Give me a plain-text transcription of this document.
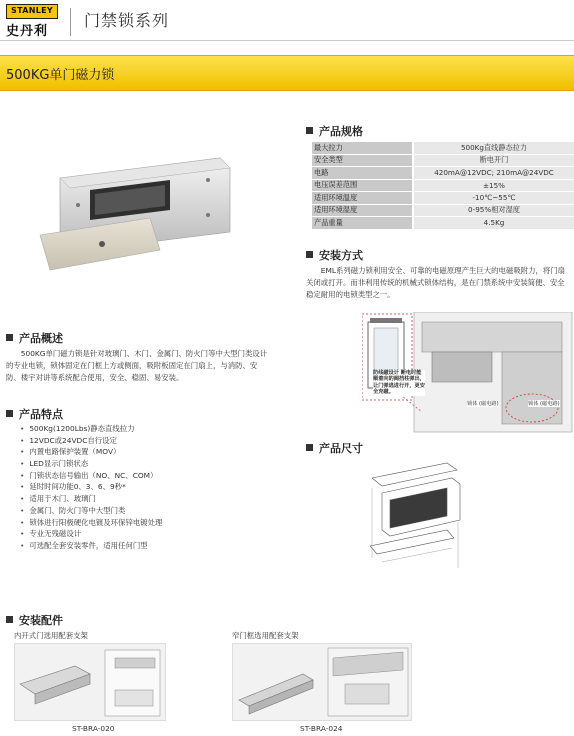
STANLEY
史丹利
门禁锁系列
500KG单门磁力锁
产品规格
最大拉力	500Kg直线静态拉力
安全类型	断电开门
电路	420mA@12VDC; 210mA@24VDC
电压误差范围	±15%
适用环境温度	-10℃~55℃
适用环境湿度	0-95%相对湿度
产品重量	4.5Kg
安装方式
EML系列磁力锁利用安全、可靠的电磁原理产生巨大的电磁吸附力，将门扇关闭或打开。而非利用传统的机械式锁体结构，是在门禁系统中安装简便、安全稳定耐用的电锁类型之一。
防线磁设计 断电时能顺着向的阔挡柱弹出，让门弹逃进行开，更安全充磁。
锁体 (磁电路)	锁体 (磁电路)
产品概述
500KG单门磁力锁是针对玻璃门、木门、金属门、防火门等中大型门类设计的专业电锁，锁体固定在门框上方或侧面，吸附板固定在门扇上，与消防、安防、楼宇对讲等系统配合使用，安全、稳固、易安装。
产品特点
• 500Kg(1200Lbs)静态直线拉力
• 12VDC或24VDC自行设定
• 内置电路保护装置（MOV）
• LED显示门锁状态
• 门锁状态信号输出（NO、NC、COM）
• 延时时间功能0、3、6、9秒*
• 适用于木门、玻璃门
• 金属门、防火门等中大型门类
• 锁体进行阳极硬化电镀及环保锌电镀处理
• 专业无残磁设计
• 可选配全套安装零件，适用任何门型
产品尺寸
安装配件
内开式门选用配套支架	窄门框选用配套支架
ST-BRA-020	ST-BRA-024
